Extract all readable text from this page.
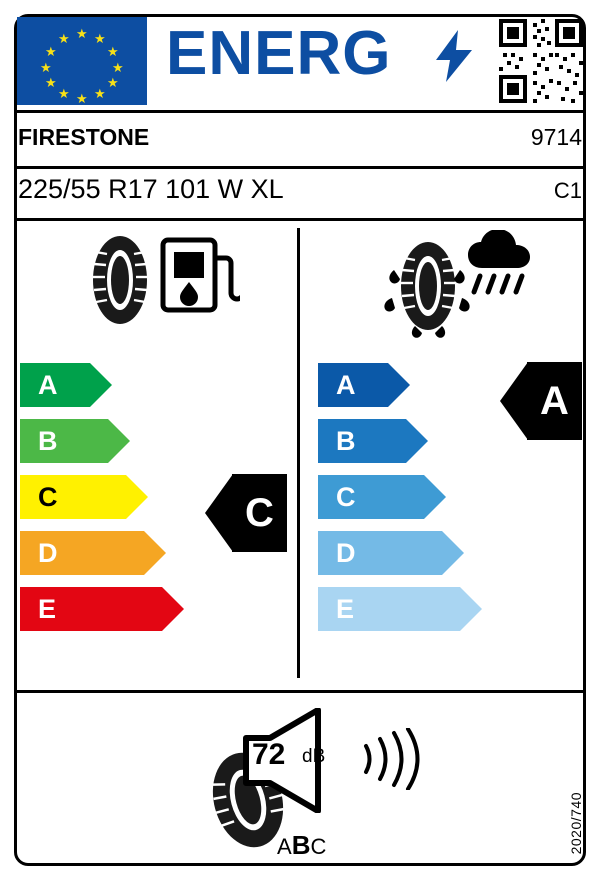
★
★ ★
★	★
★	★
★	★
★ ★
★
ENERG
FIRESTONE	9714
225/55 R17 101 W XL	C1
A
B
C
D
E
C
A
B
C
D
E
A
72 dB
ABC	2020/740
